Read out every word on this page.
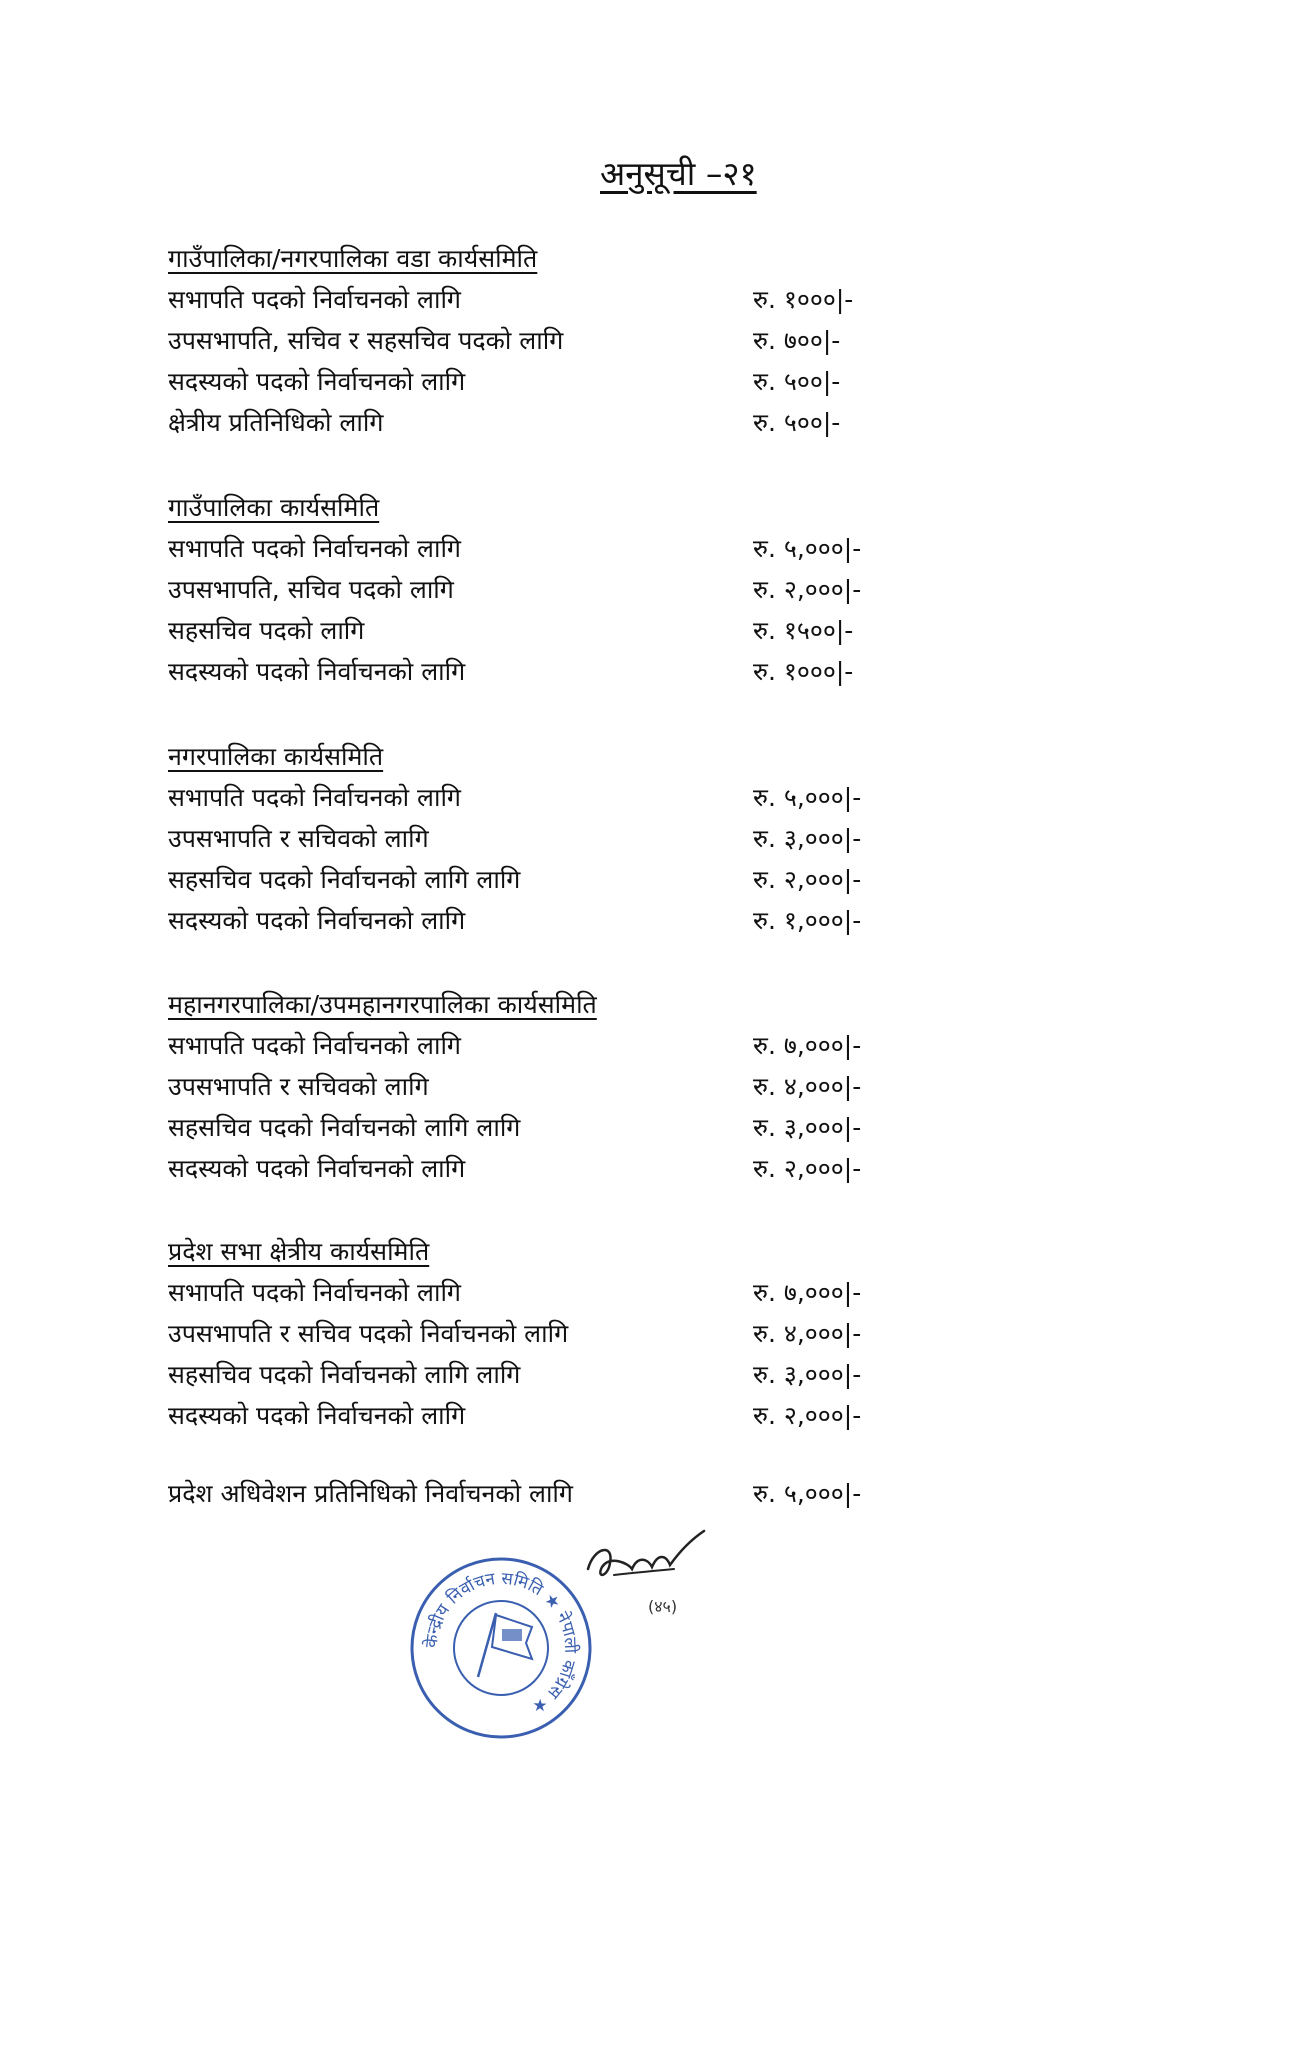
अनुसूची –२१
गाउँपालिका/नगरपालिका वडा कार्यसमिति
सभापति पदको निर्वाचनको लागि	रु. १०००|-
उपसभापति, सचिव र सहसचिव पदको लागि	रु. ७००|-
सदस्यको पदको निर्वाचनको लागि	रु. ५००|-
क्षेत्रीय प्रतिनिधिको लागि	रु. ५००|-
गाउँपालिका कार्यसमिति
सभापति पदको निर्वाचनको लागि	रु. ५,०००|-
उपसभापति, सचिव पदको लागि	रु. २,०००|-
सहसचिव पदको लागि	रु. १५००|-
सदस्यको पदको निर्वाचनको लागि	रु. १०००|-
नगरपालिका कार्यसमिति
सभापति पदको निर्वाचनको लागि	रु. ५,०००|-
उपसभापति र सचिवको लागि	रु. ३,०००|-
सहसचिव पदको निर्वाचनको लागि लागि	रु. २,०००|-
सदस्यको पदको निर्वाचनको लागि	रु. १,०००|-
महानगरपालिका/उपमहानगरपालिका कार्यसमिति
सभापति पदको निर्वाचनको लागि	रु. ७,०००|-
उपसभापति र सचिवको लागि	रु. ४,०००|-
सहसचिव पदको निर्वाचनको लागि लागि	रु. ३,०००|-
सदस्यको पदको निर्वाचनको लागि	रु. २,०००|-
प्रदेश सभा क्षेत्रीय कार्यसमिति
सभापति पदको निर्वाचनको लागि	रु. ७,०००|-
उपसभापति र सचिव पदको निर्वाचनको लागि	रु. ४,०००|-
सहसचिव पदको निर्वाचनको लागि लागि	रु. ३,०००|-
सदस्यको पदको निर्वाचनको लागि	रु. २,०००|-
प्रदेश अधिवेशन प्रतिनिधिको निर्वाचनको लागि	रु. ५,०००|-
केन्द्रीय निर्वाचन समिति ★ नेपाली काँग्रेस ★
(४५)
